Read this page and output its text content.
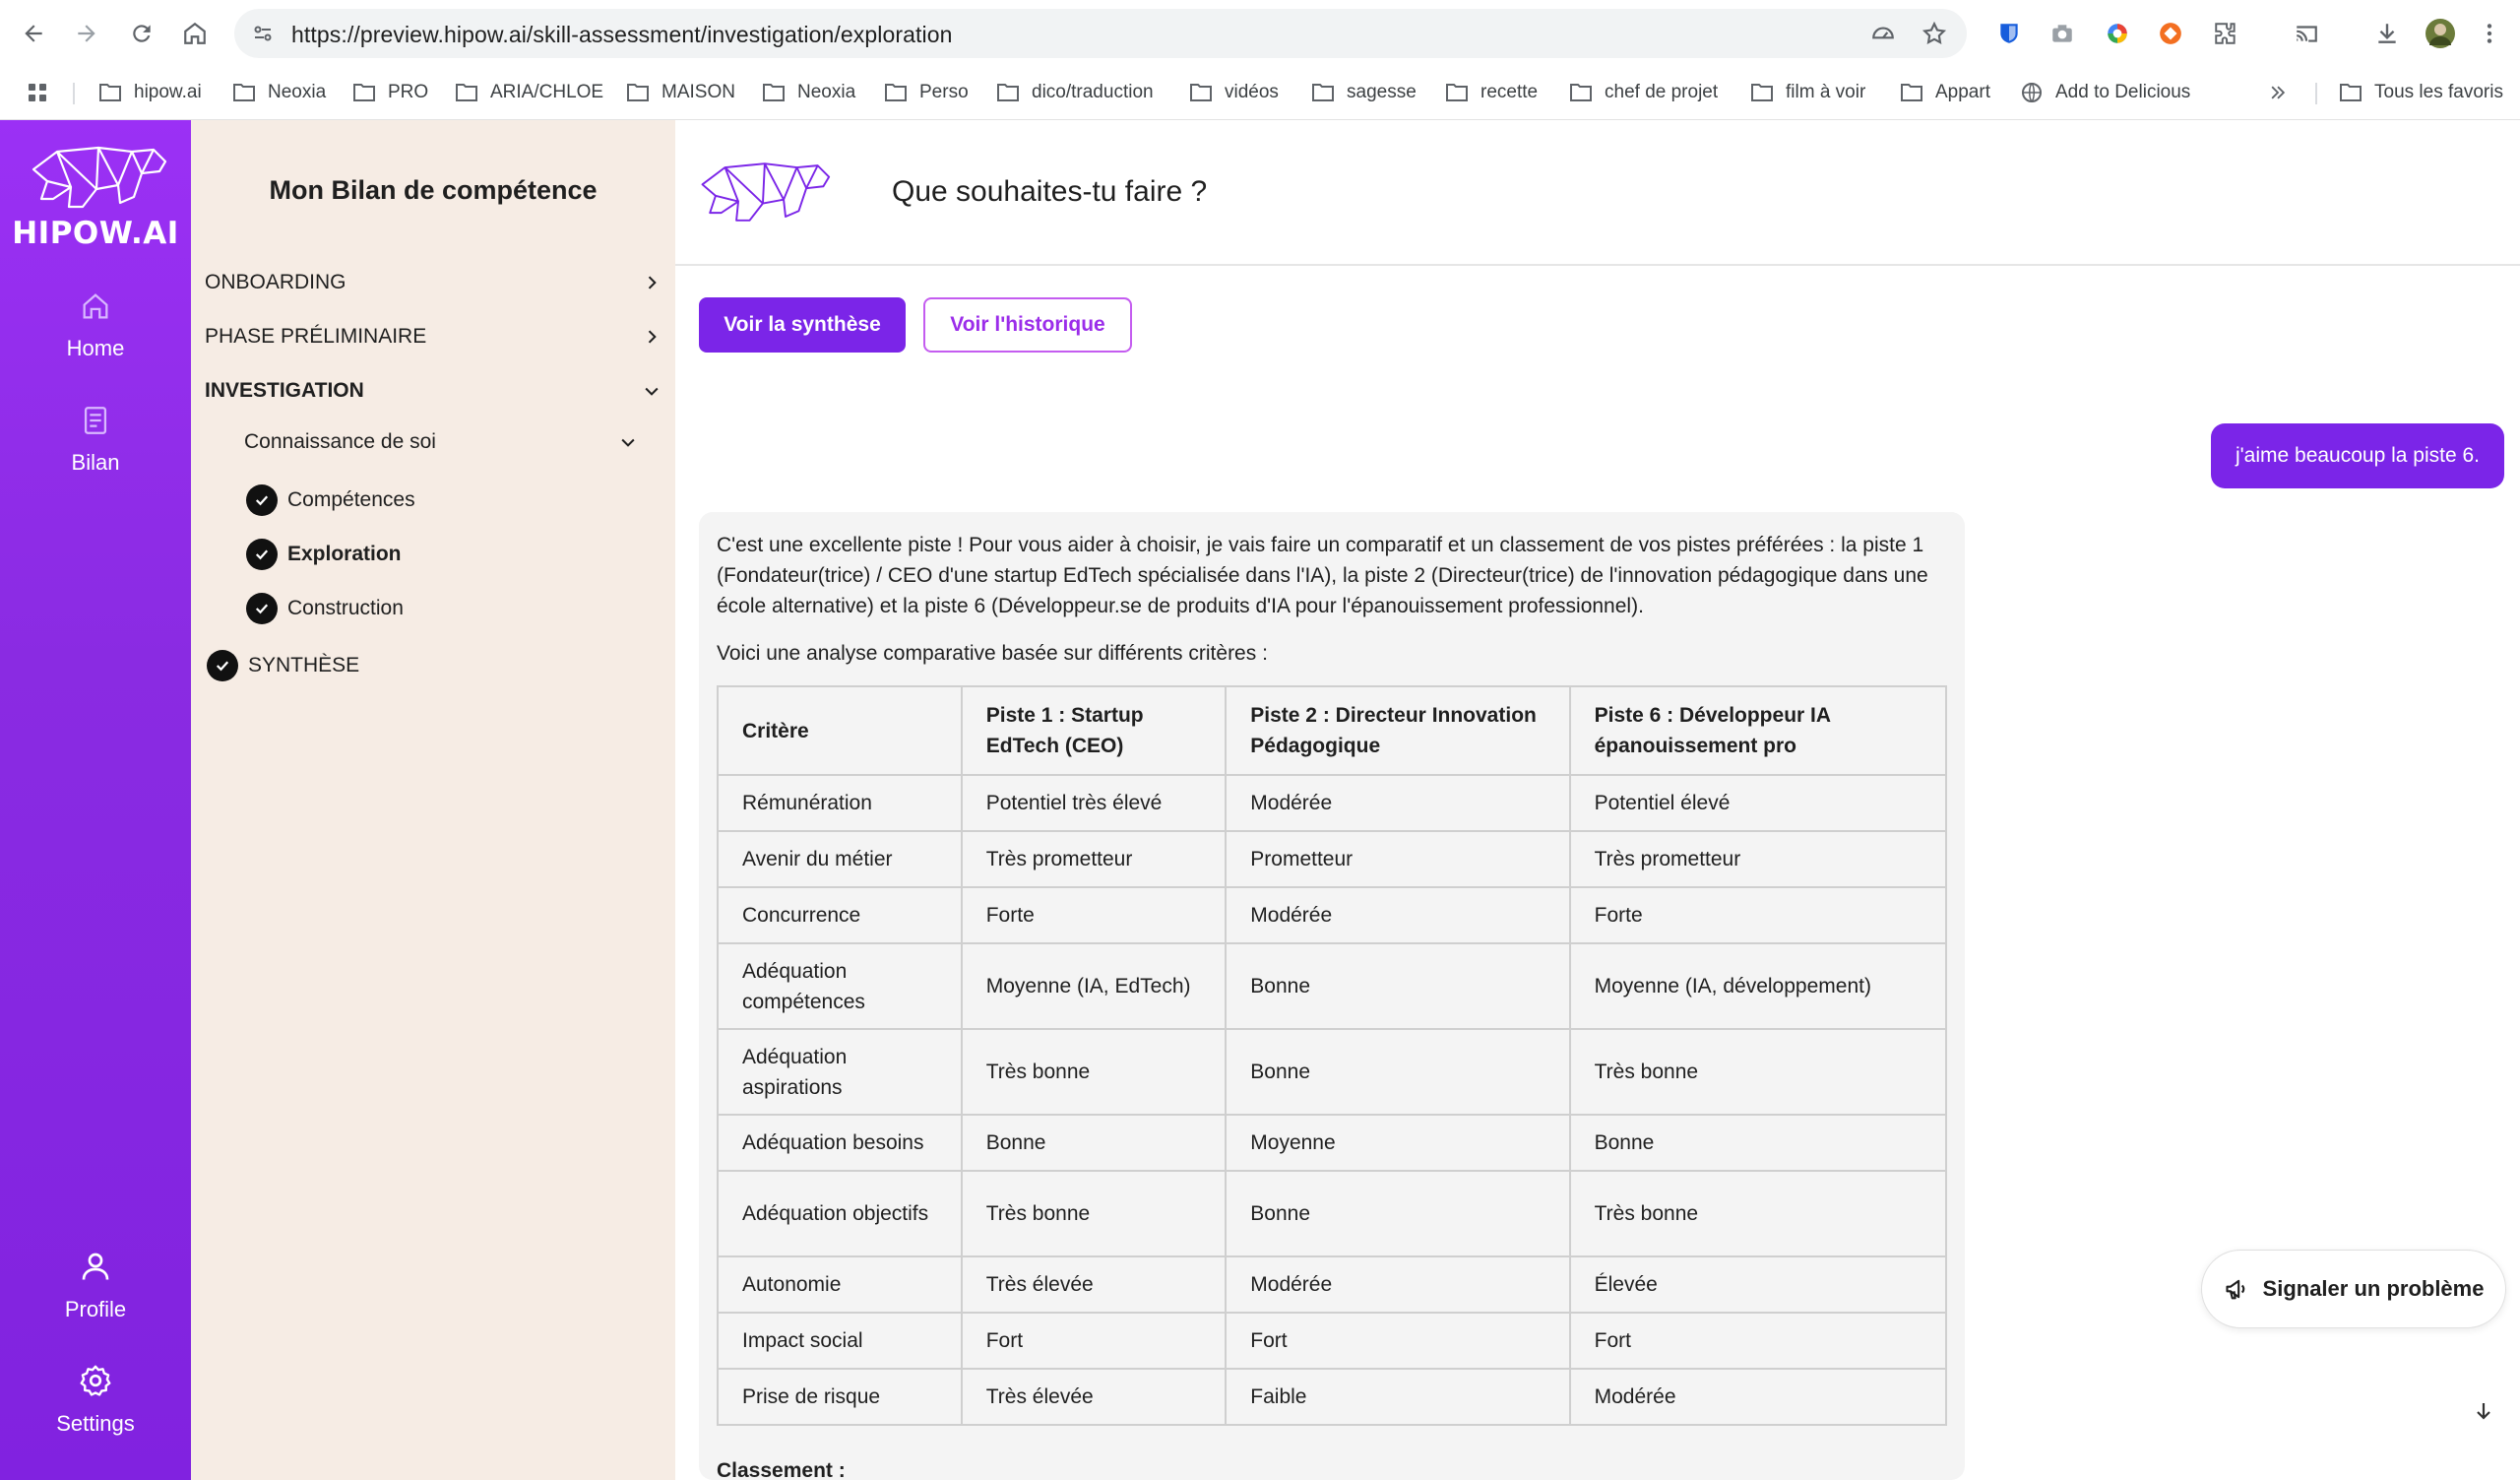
https://preview.hipow.ai/skill-assessment/investigation/exploration
hipow.ai	Neoxia	PRO	ARIA/CHLOE	MAISON	Neoxia	Perso	dico/traduction	vidéos	sagesse	recette	chef de projet	film à voir	Appart	Add to Delicious	Tous les favoris
HIPOW.AI
Home
Bilan
Profile
Settings
Mon Bilan de compétence
ONBOARDING
PHASE PRÉLIMINAIRE
INVESTIGATION
Connaissance de soi
Compétences
Exploration
Construction
SYNTHÈSE
Que souhaites-tu faire ?
Voir la synthèse	Voir l'historique
j'aime beaucoup la piste 6.

C'est une excellente piste ! Pour vous aider à choisir, je vais faire un comparatif et un classement de vos pistes préférées : la piste 1 (Fondateur(trice) / CEO d'une startup EdTech spécialisée dans l'IA), la piste 2 (Directeur(trice) de l'innovation pédagogique dans une école alternative) et la piste 6 (Développeur.se de produits d'IA pour l'épanouissement professionnel).

Voici une analyse comparative basée sur différents critères :

Critère	Piste 1 : Startup EdTech (CEO)	Piste 2 : Directeur Innovation Pédagogique	Piste 6 : Développeur IA épanouissement pro
Rémunération	Potentiel très élevé	Modérée	Potentiel élevé
Avenir du métier	Très prometteur	Prometteur	Très prometteur
Concurrence	Forte	Modérée	Forte
Adéquation compétences	Moyenne (IA, EdTech)	Bonne	Moyenne (IA, développement)
Adéquation aspirations	Très bonne	Bonne	Très bonne
Adéquation besoins	Bonne	Moyenne	Bonne
Adéquation objectifs	Très bonne	Bonne	Très bonne
Autonomie	Très élevée	Modérée	Élevée
Impact social	Fort	Fort	Fort
Prise de risque	Très élevée	Faible	Modérée
Classement :
Signaler un problème
